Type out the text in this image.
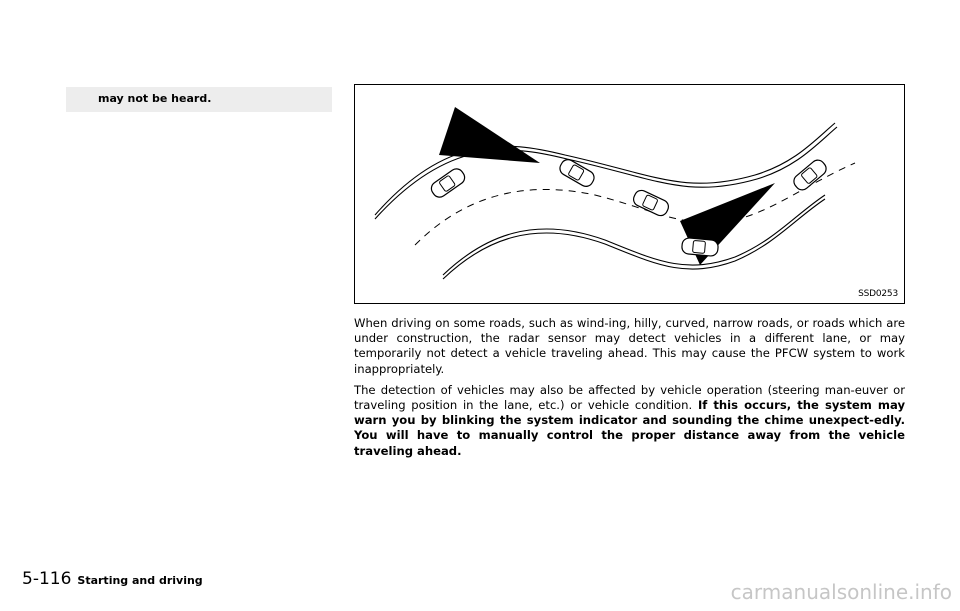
may not be heard.
SSD0253

When driving on some roads, such as wind-ing, hilly, curved, narrow roads, or roads which are under construction, the radar sensor may detect vehicles in a different lane, or may temporarily not detect a vehicle traveling ahead. This may cause the PFCW system to work inappropriately.

The detection of vehicles may also be affected by vehicle operation (steering man-euver or traveling position in the lane, etc.) or vehicle condition. If this occurs, the system may warn you by blinking the system indicator and sounding the chime unexpect-edly. You will have to manually control the proper distance away from the vehicle traveling ahead.

5-116 Starting and driving	carmanualsonline.info
